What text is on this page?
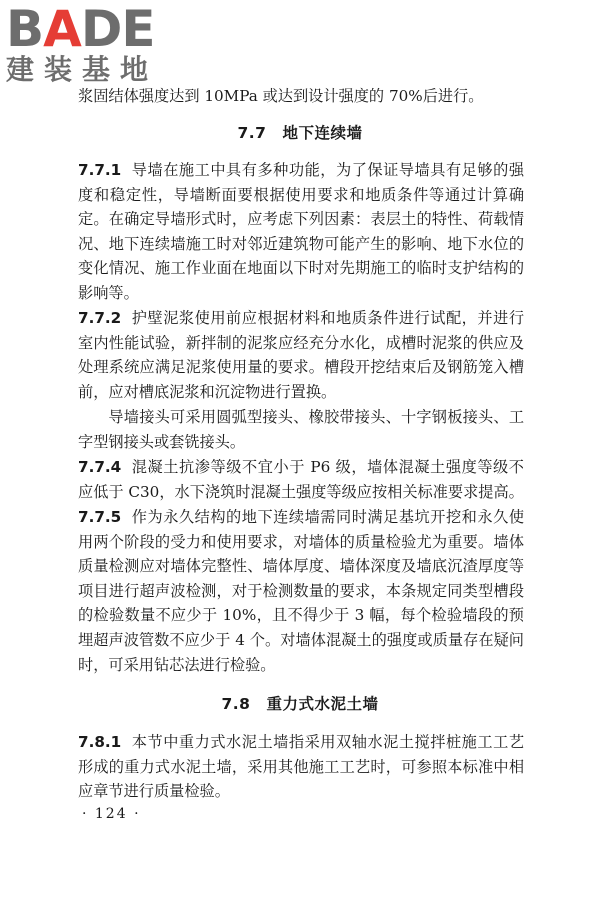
B A DE
建装基地
浆固结体强度达到 10MPa 或达到设计强度的 70%后进行。
7.7 地下连续墙

7.7.1 导墙在施工中具有多种功能，为了保证导墙具有足够的强度和稳定性，导墙断面要根据使用要求和地质条件等通过计算确定。在确定导墙形式时，应考虑下列因素：表层土的特性、荷载情况、地下连续墙施工时对邻近建筑物可能产生的影响、地下水位的变化情况、施工作业面在地面以下时对先期施工的临时支护结构的影响等。

7.7.2 护壁泥浆使用前应根据材料和地质条件进行试配，并进行室内性能试验，新拌制的泥浆应经充分水化，成槽时泥浆的供应及处理系统应满足泥浆使用量的要求。槽段开挖结束后及钢筋笼入槽前，应对槽底泥浆和沉淀物进行置换。

导墙接头可采用圆弧型接头、橡胶带接头、十字钢板接头、工字型钢接头或套铣接头。

7.7.4 混凝土抗渗等级不宜小于 P6 级，墙体混凝土强度等级不应低于 C30，水下浇筑时混凝土强度等级应按相关标准要求提高。

7.7.5 作为永久结构的地下连续墙需同时满足基坑开挖和永久使用两个阶段的受力和使用要求，对墙体的质量检验尤为重要。墙体质量检测应对墙体完整性、墙体厚度、墙体深度及墙底沉渣厚度等项目进行超声波检测，对于检测数量的要求，本条规定同类型槽段的检验数量不应少于 10%，且不得少于 3 幅，每个检验墙段的预埋超声波管数不应少于 4 个。对墙体混凝土的强度或质量存在疑问时，可采用钻芯法进行检验。

7.8 重力式水泥土墙

7.8.1 本节中重力式水泥土墙指采用双轴水泥土搅拌桩施工工艺形成的重力式水泥土墙，采用其他施工工艺时，可参照本标准中相应章节进行质量检验。

· 124 ·
